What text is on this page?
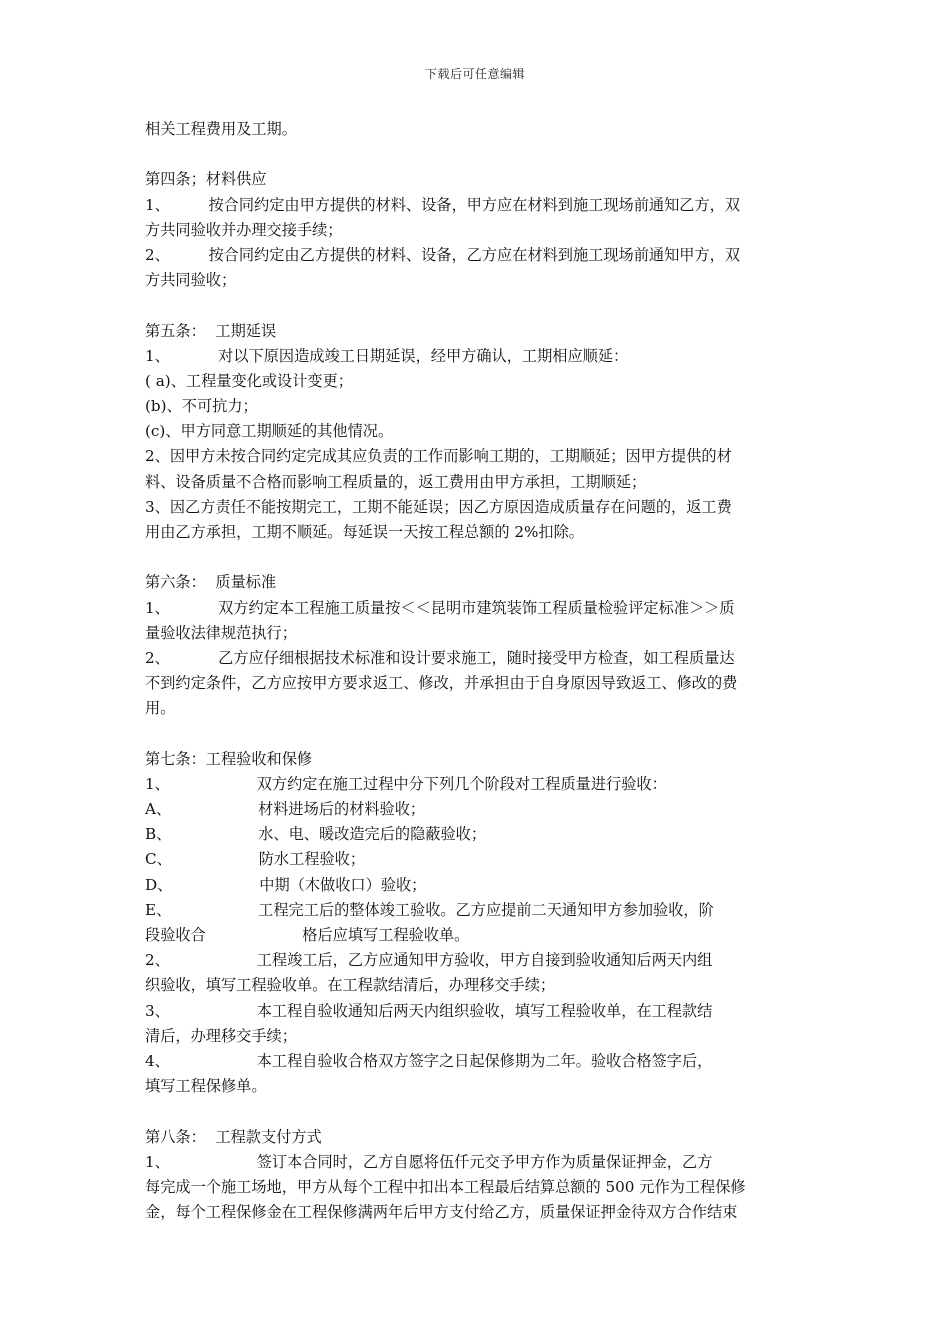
下载后可任意编辑
相关工程费用及工期。
第四条；材料供应
1、        按合同约定由甲方提供的材料、设备，甲方应在材料到施工现场前通知乙方，双
方共同验收并办理交接手续；
2、        按合同约定由乙方提供的材料、设备，乙方应在材料到施工现场前通知甲方，双
方共同验收；
第五条：  工期延误
1、          对以下原因造成竣工日期延误，经甲方确认，工期相应顺延：
( a)、工程量变化或设计变更；
(b)、不可抗力；
(c)、甲方同意工期顺延的其他情况。
2、因甲方未按合同约定完成其应负责的工作而影响工期的，工期顺延；因甲方提供的材
料、设备质量不合格而影响工程质量的，返工费用由甲方承担，工期顺延；
3、因乙方责任不能按期完工，工期不能延误；因乙方原因造成质量存在问题的，返工费
用由乙方承担，工期不顺延。每延误一天按工程总额的 2%扣除。
第六条：  质量标准
1、          双方约定本工程施工质量按＜＜昆明市建筑装饰工程质量检验评定标准＞＞质
量验收法律规范执行；
2、          乙方应仔细根据技术标准和设计要求施工，随时接受甲方检查，如工程质量达
不到约定条件，乙方应按甲方要求返工、修改，并承担由于自身原因导致返工、修改的费
用。
第七条：工程验收和保修
1、                  双方约定在施工过程中分下列几个阶段对工程质量进行验收：
A、                  材料进场后的材料验收；
B、                  水、电、暖改造完后的隐蔽验收；
C、                  防水工程验收；
D、                  中期（木做收口）验收；
E、                  工程完工后的整体竣工验收。乙方应提前二天通知甲方参加验收，阶
段验收合                    格后应填写工程验收单。
2、                  工程竣工后，乙方应通知甲方验收，甲方自接到验收通知后两天内组
织验收，填写工程验收单。在工程款结清后，办理移交手续；
3、                  本工程自验收通知后两天内组织验收，填写工程验收单，在工程款结
清后，办理移交手续；
4、                  本工程自验收合格双方签字之日起保修期为二年。验收合格签字后，
填写工程保修单。
第八条：  工程款支付方式
1、                  签订本合同时，乙方自愿将伍仟元交予甲方作为质量保证押金，乙方
每完成一个施工场地，甲方从每个工程中扣出本工程最后结算总额的 500 元作为工程保修
金，每个工程保修金在工程保修满两年后甲方支付给乙方，质量保证押金待双方合作结束
